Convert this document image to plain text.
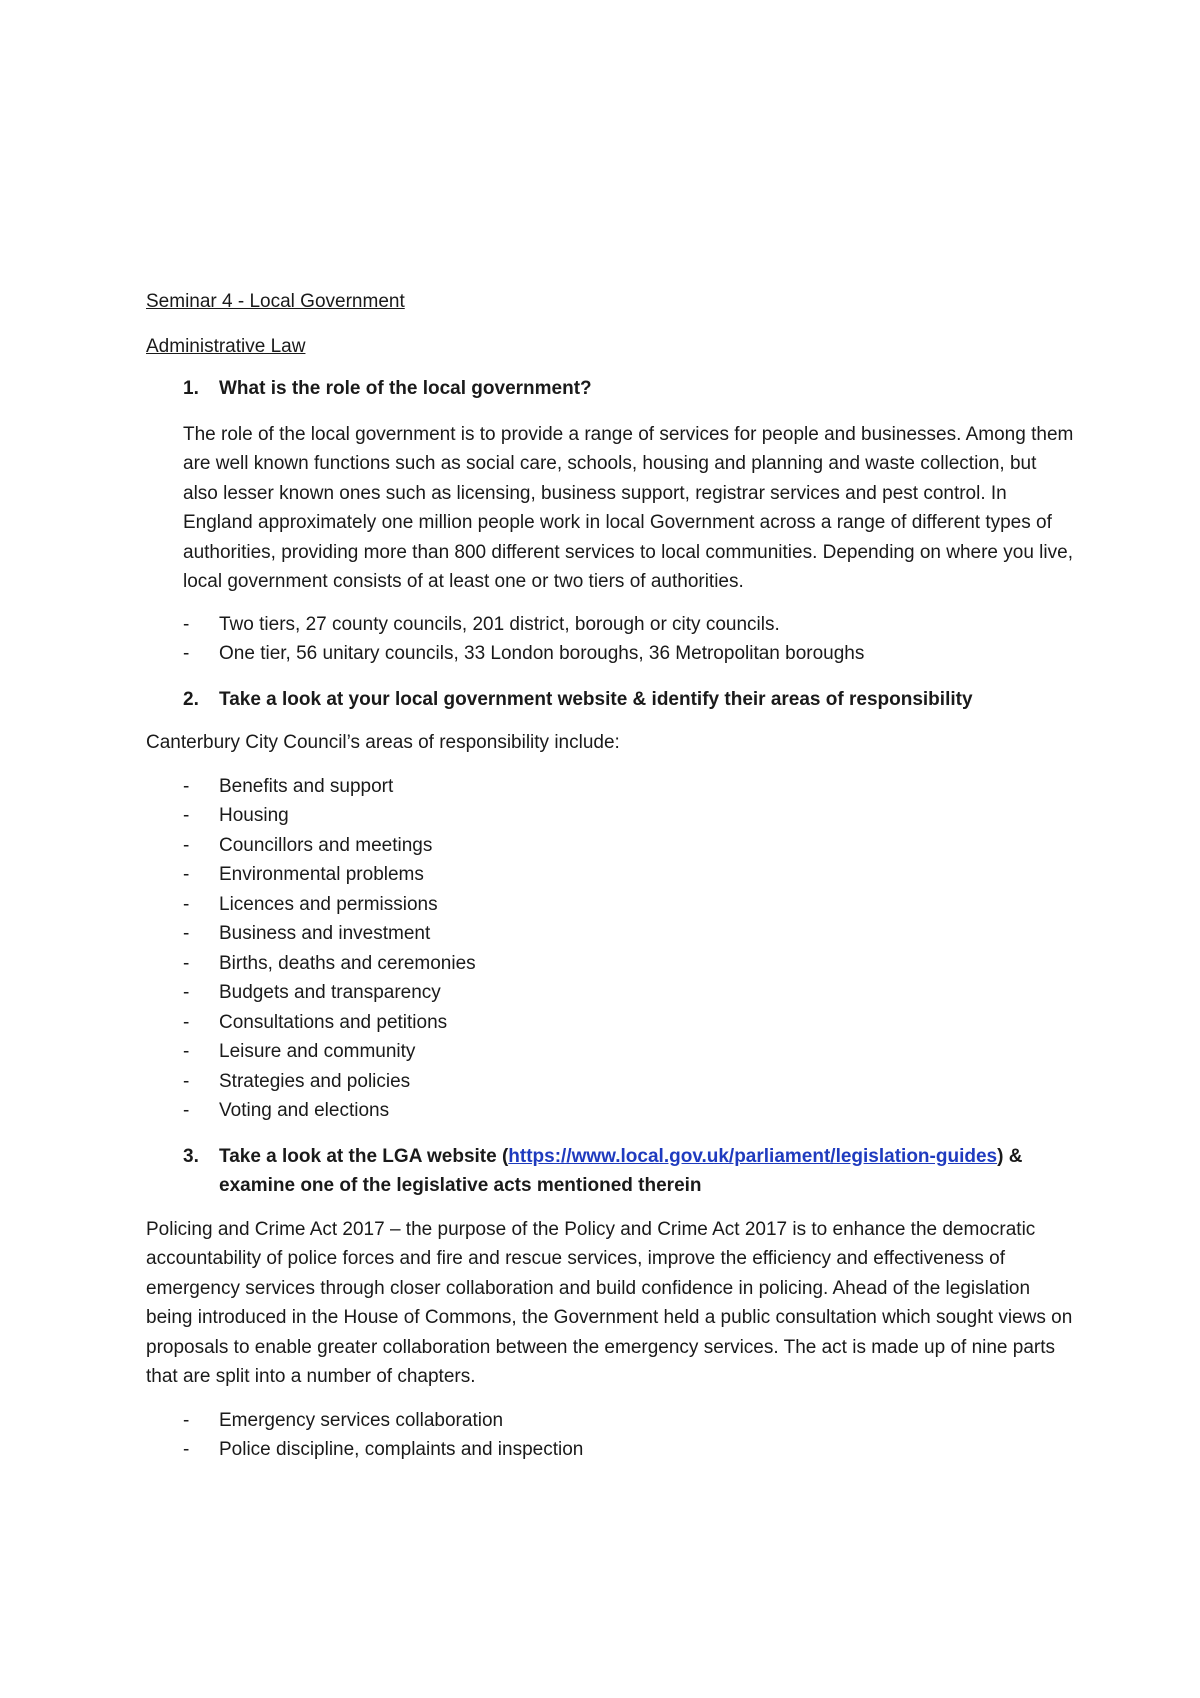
Seminar 4 - Local Government

Administrative Law

1.	What is the role of the local government?

The role of the local government is to provide a range of services for people and businesses. Among them are well known functions such as social care, schools, housing and planning and waste collection, but also lesser known ones such as licensing, business support, registrar services and pest control. In England approximately one million people work in local Government across a range of different types of authorities, providing more than 800 different services to local communities. Depending on where you live, local government consists of at least one or two tiers of authorities.

-	Two tiers, 27 county councils, 201 district, borough or city councils.
-	One tier, 56 unitary councils, 33 London boroughs, 36 Metropolitan boroughs
2.	Take a look at your local government website & identify their areas of responsibility

Canterbury City Council’s areas of responsibility include:

-	Benefits and support
-	Housing
-	Councillors and meetings
-	Environmental problems
-	Licences and permissions
-	Business and investment
-	Births, deaths and ceremonies
-	Budgets and transparency
-	Consultations and petitions
-	Leisure and community
-	Strategies and policies
-	Voting and elections
3.	Take a look at the LGA website (https://www.local.gov.uk/parliament/legislation-guides) & examine one of the legislative acts mentioned therein

Policing and Crime Act 2017 – the purpose of the Policy and Crime Act 2017 is to enhance the democratic accountability of police forces and fire and rescue services, improve the efficiency and effectiveness of emergency services through closer collaboration and build confidence in policing. Ahead of the legislation being introduced in the House of Commons, the Government held a public consultation which sought views on proposals to enable greater collaboration between the emergency services. The act is made up of nine parts that are split into a number of chapters.

-	Emergency services collaboration
-	Police discipline, complaints and inspection
